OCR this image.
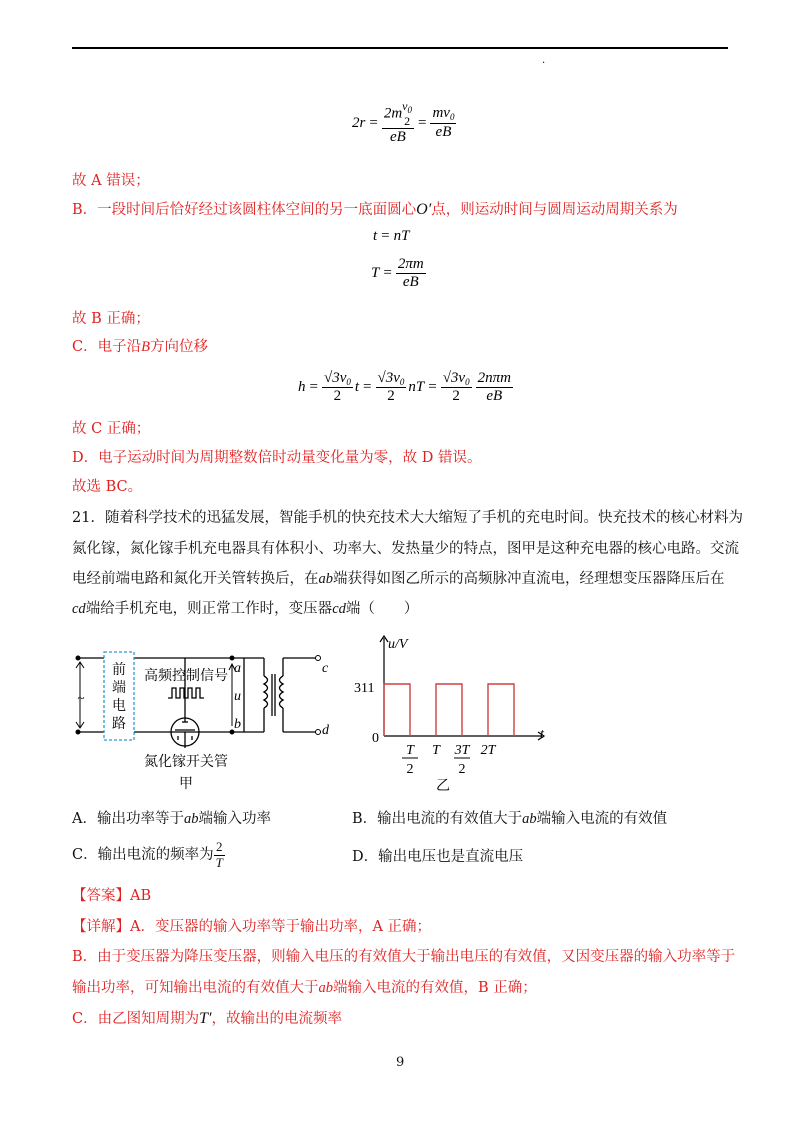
.
2r = 2m $v_0$
2
eB = $\frac{mv_0}{eB}$
故 A 错误；
B．一段时间后恰好经过该圆柱体空间的另一底面圆心O′点，则运动时间与圆周运动周期关系为
t = nT
$T = \frac{2\pi m}{eB}$
故 B 正确；
C．电子沿B方向位移
$h = \frac{√3v_0}{2}$ $t = \frac{√3v_0}{2}$ nT = $\frac{√3v_0}{2} \frac{\text{2nπm}}{eB}$
故 C 正确；
D．电子运动时间为周期整数倍时动量变化量为零，故 D 错误。
故选 BC。
21．随着科学技术的迅猛发展，智能手机的快充技术大大缩短了手机的充电时间。快充技术的核心材料为
氮化镓，氮化镓手机充电器具有体积小、功率大、发热量少的特点，图甲是这种充电器的核心电路。交流
电经前端电路和氮化开关管转换后，在ab端获得如图乙所示的高频脉冲直流电，经理想变压器降压后在
cd端给手机充电，则正常工作时，变压器cd端（　　）
~
前
端
电
路
高频控制信号
a
u
b
c
d
氮化镓开关管
甲
T
2
T 3T
2
2T
u/V
311
0	t
乙
A．输出功率等于ab端输入功率	B．输出电流的有效值大于ab端输入电流的有效值
C．输出电流的频率为 $\frac{2}{T}$	D．输出电压也是直流电压
【答案】AB
【详解】A．变压器的输入功率等于输出功率，A 正确；
B．由于变压器为降压变压器，则输入电压的有效值大于输出电压的有效值，又因变压器的输入功率等于
输出功率，可知输出电流的有效值大于ab端输入电流的有效值，B 正确；
C．由乙图知周期为T′，故输出的电流频率
9
